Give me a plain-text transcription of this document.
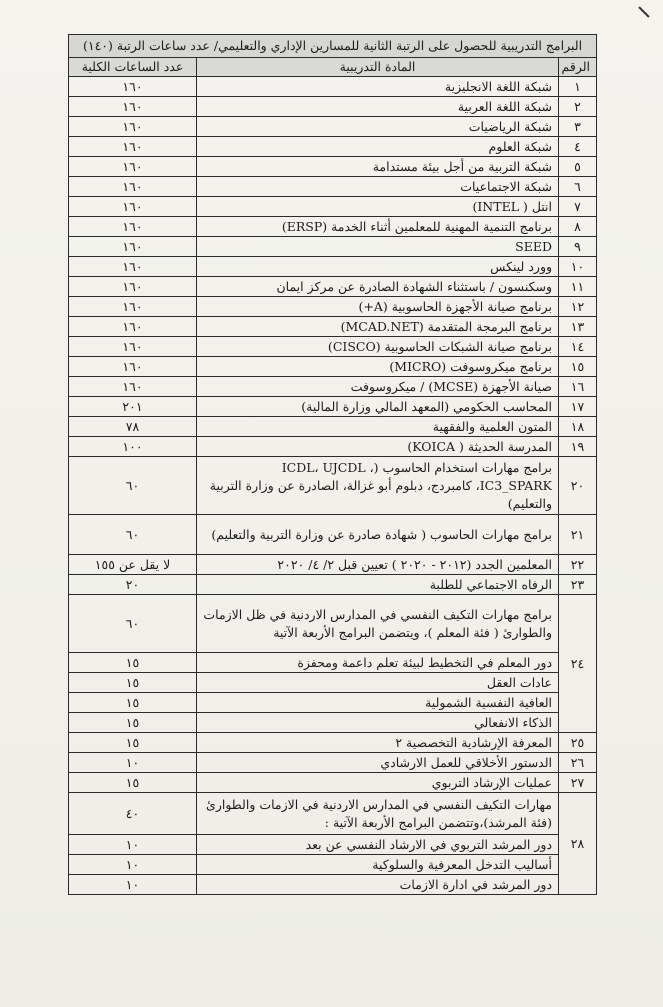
البرامج التدريبية للحصول على الرتبة الثانية للمسارين الإداري والتعليمي/ عدد ساعات الرتبة (١٤٠)		
الرقم	المادة التدريبية	عدد الساعات الكلية
١	شبكة اللغة الانجليزية	١٦٠
٢	شبكة اللغة العربية	١٦٠
٣	شبكة الرياضيات	١٦٠
٤	شبكة العلوم	١٦٠
٥	شبكة التربية من أجل بيئة مستدامة	١٦٠
٦	شبكة الاجتماعيات	١٦٠
٧	انتل ( INTEL)	١٦٠
٨	برنامج التنمية المهنية للمعلمين أثناء الخدمة (ERSP)	١٦٠
٩	SEED	١٦٠
١٠	وورد لينكس	١٦٠
١١	وسكنسون / باستثناء الشهادة الصادرة عن مركز ايمان	١٦٠
١٢	برنامج صيانة الأجهزة الحاسوبية (A+)	١٦٠
١٣	برنامج البرمجة المتقدمة (MCAD.NET)	١٦٠
١٤	برنامج صيانة الشبكات الحاسوبية (CISCO)	١٦٠
١٥	برنامج ميكروسوفت (MICRO)	١٦٠
١٦	صيانة الأجهزة (MCSE) / ميكروسوفت	١٦٠
١٧	المحاسب الحكومي (المعهد المالي وزارة المالية)	٢٠١
١٨	المتون العلمية والفقهية	٧٨
١٩	المدرسة الحديثة ( KOICA)	١٠٠
٢٠	برامج مهارات استخدام الحاسوب (ICDL، UJCDL ، IC3_SPARK، كامبردج، دبلوم أبو غزالة، الصادرة عن وزارة التربية والتعليم)	٦٠
٢١	برامج مهارات الحاسوب ( شهادة صادرة عن وزارة التربية والتعليم)	٦٠
٢٢	المعلمين الجدد (٢٠١٢ - ٢٠٢٠ ) تعيين قبل ٢/ ٤/ ٢٠٢٠	لا يقل عن ١٥٥
٢٣	الرفاه الاجتماعي للطلبة	٢٠
٢٤	برامج مهارات التكيف النفسي في المدارس الاردنية في ظل الازمات والطوارئ ( فئة المعلم )، ويتضمن البرامج الأربعة الآتية	٦٠
	دور المعلم في التخطيط لبيئة تعلم داعمة ومحفزة	١٥
	عادات العقل	١٥
	العافية النفسية الشمولية	١٥
	الذكاء الانفعالي	١٥
٢٥	المعرفة الإرشادية التخصصية ٢	١٥
٢٦	الدستور الأخلاقي للعمل الارشادي	١٠
٢٧	عمليات الإرشاد التربوي	١٥
٢٨	مهارات التكيف النفسي في المدارس الاردنية في الازمات والطوارئ (فئة المرشد)،وتتضمن البرامج الأربعة الآتية :	٤٠
	دور المرشد التربوي في الارشاد النفسي عن بعد	١٠
	أساليب التدخل المعرفية والسلوكية	١٠
	دور المرشد في ادارة الازمات	١٠
